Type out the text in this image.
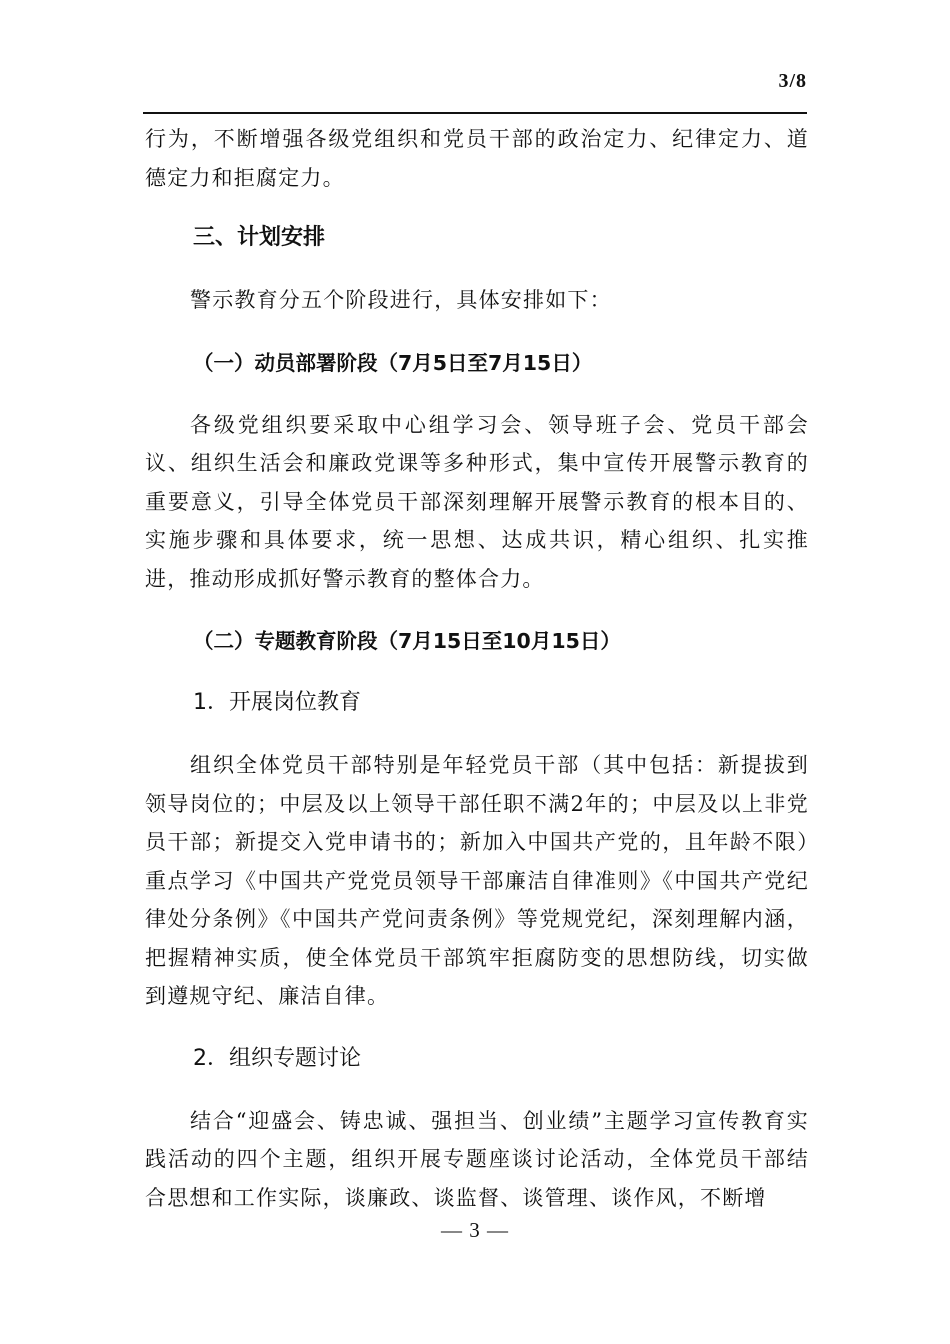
3/8

行为，不断增强各级党组织和党员干部的政治定力、纪律定力、道德定力和拒腐定力。

三、计划安排

警示教育分五个阶段进行，具体安排如下：

（一）动员部署阶段（7月5日至7月15日）

各级党组织要采取中心组学习会、领导班子会、党员干部会议、组织生活会和廉政党课等多种形式，集中宣传开展警示教育的重要意义，引导全体党员干部深刻理解开展警示教育的根本目的、实施步骤和具体要求，统一思想、达成共识，精心组织、扎实推进，推动形成抓好警示教育的整体合力。

（二）专题教育阶段（7月15日至10月15日）

1．开展岗位教育

组织全体党员干部特别是年轻党员干部（其中包括：新提拔到领导岗位的；中层及以上领导干部任职不满2年的；中层及以上非党员干部；新提交入党申请书的；新加入中国共产党的，且年龄不限）重点学习《中国共产党党员领导干部廉洁自律准则》《中国共产党纪律处分条例》《中国共产党问责条例》等党规党纪，深刻理解内涵，把握精神实质，使全体党员干部筑牢拒腐防变的思想防线，切实做到遵规守纪、廉洁自律。

2．组织专题讨论

结合“迎盛会、铸忠诚、强担当、创业绩”主题学习宣传教育实践活动的四个主题，组织开展专题座谈讨论活动，全体党员干部结合思想和工作实际，谈廉政、谈监督、谈管理、谈作风，不断增

— 3 —
